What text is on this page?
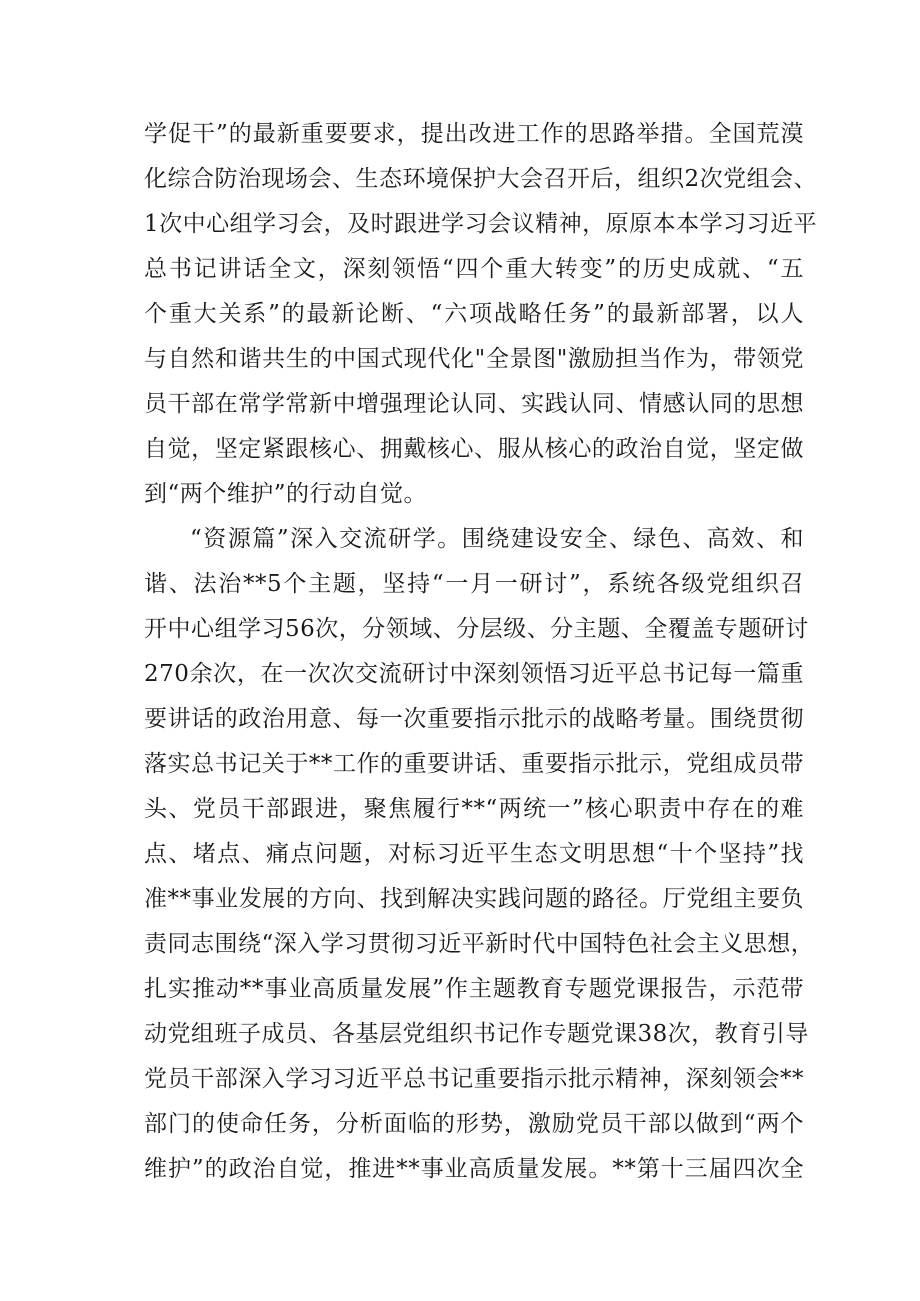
学促干”的最新重要要求，提出改进工作的思路举措。全国荒漠
化综合防治现场会、生态环境保护大会召开后，组织2次党组会、
1次中心组学习会，及时跟进学习会议精神，原原本本学习习近平
总书记讲话全文，深刻领悟“四个重大转变”的历史成就、“五
个重大关系”的最新论断、“六项战略任务”的最新部署，以人
与自然和谐共生的中国式现代化"全景图"激励担当作为，带领党
员干部在常学常新中增强理论认同、实践认同、情感认同的思想
自觉，坚定紧跟核心、拥戴核心、服从核心的政治自觉，坚定做
到“两个维护”的行动自觉。
“资源篇”深入交流研学。围绕建设安全、绿色、高效、和
谐、法治**5个主题，坚持“一月一研讨”，系统各级党组织召
开中心组学习56次，分领域、分层级、分主题、全覆盖专题研讨
270余次，在一次次交流研讨中深刻领悟习近平总书记每一篇重
要讲话的政治用意、每一次重要指示批示的战略考量。围绕贯彻
落实总书记关于**工作的重要讲话、重要指示批示，党组成员带
头、党员干部跟进，聚焦履行**“两统一”核心职责中存在的难
点、堵点、痛点问题，对标习近平生态文明思想“十个坚持”找
准**事业发展的方向、找到解决实践问题的路径。厅党组主要负
责同志围绕“深入学习贯彻习近平新时代中国特色社会主义思想，
扎实推动**事业高质量发展”作主题教育专题党课报告，示范带
动党组班子成员、各基层党组织书记作专题党课38次，教育引导
党员干部深入学习习近平总书记重要指示批示精神，深刻领会**
部门的使命任务，分析面临的形势，激励党员干部以做到“两个
维护”的政治自觉，推进**事业高质量发展。**第十三届四次全
